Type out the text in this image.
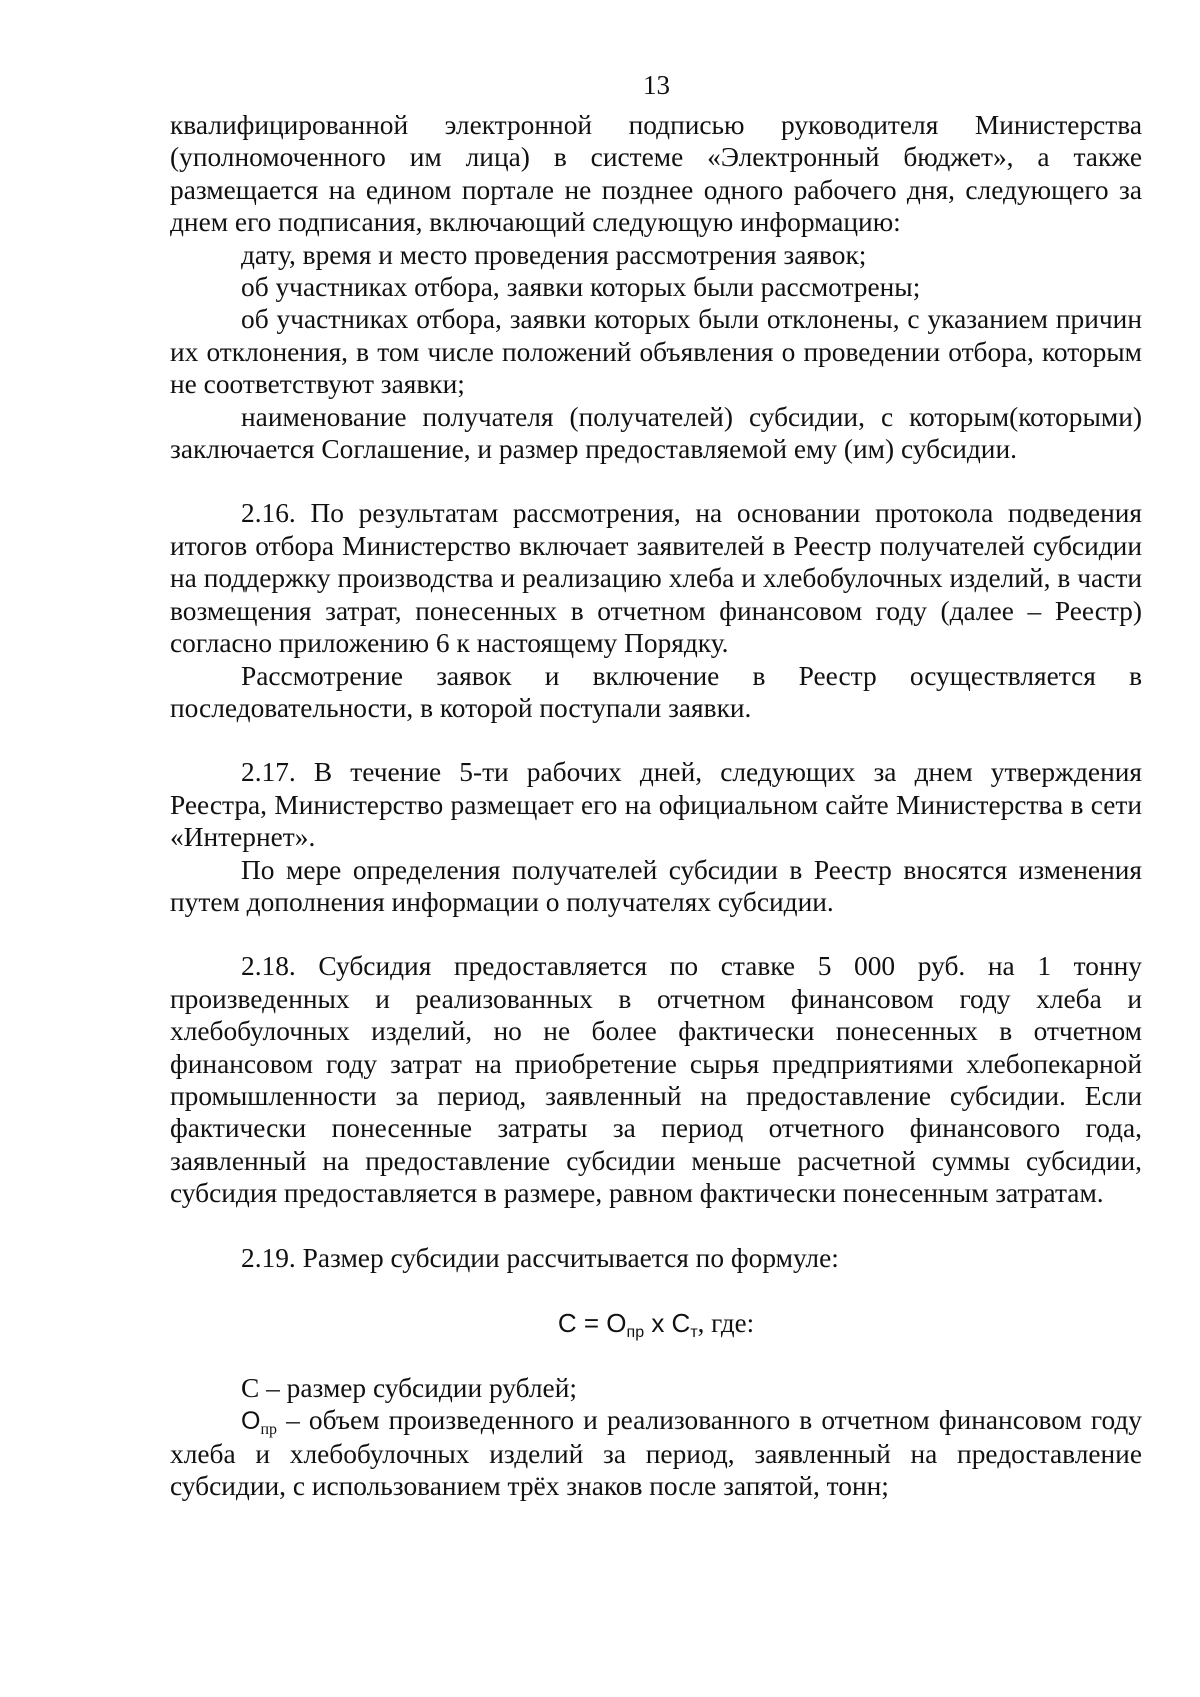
13

квалифицированной электронной подписью руководителя Министерства (уполномоченного им лица) в системе «Электронный бюджет», а также размещается на едином портале не позднее одного рабочего дня, следующего за днем его подписания, включающий следующую информацию:

дату, время и место проведения рассмотрения заявок;

об участниках отбора, заявки которых были рассмотрены;

об участниках отбора, заявки которых были отклонены, с указанием причин их отклонения, в том числе положений объявления о проведении отбора, которым не соответствуют заявки;

наименование получателя (получателей) субсидии, с которым(которыми) заключается Соглашение, и размер предоставляемой ему (им) субсидии.

2.16. По результатам рассмотрения, на основании протокола подведения итогов отбора Министерство включает заявителей в Реестр получателей субсидии на поддержку производства и реализацию хлеба и хлебобулочных изделий, в части возмещения затрат, понесенных в отчетном финансовом году (далее – Реестр) согласно приложению 6 к настоящему Порядку.

Рассмотрение заявок и включение в Реестр осуществляется в последовательности, в которой поступали заявки.

2.17. В течение 5-ти рабочих дней, следующих за днем утверждения Реестра, Министерство размещает его на официальном сайте Министерства в сети «Интернет».

По мере определения получателей субсидии в Реестр вносятся изменения путем дополнения информации о получателях субсидии.

2.18. Субсидия предоставляется по ставке 5 000 руб. на 1 тонну произведенных и реализованных в отчетном финансовом году хлеба и хлебобулочных изделий, но не более фактически понесенных в отчетном финансовом году затрат на приобретение сырья предприятиями хлебопекарной промышленности за период, заявленный на предоставление субсидии. Если фактически понесенные затраты за период отчетного финансового года, заявленный на предоставление субсидии меньше расчетной суммы субсидии, субсидия предоставляется в размере, равном фактически понесенным затратам.

2.19. Размер субсидии рассчитывается по формуле:

$С = О_{пр}$ x $С_т$, где:

С – размер субсидии рублей;

$О_{пр}$ – объем произведенного и реализованного в отчетном финансовом году хлеба и хлебобулочных изделий за период, заявленный на предоставление субсидии, с использованием трёх знаков после запятой, тонн;
